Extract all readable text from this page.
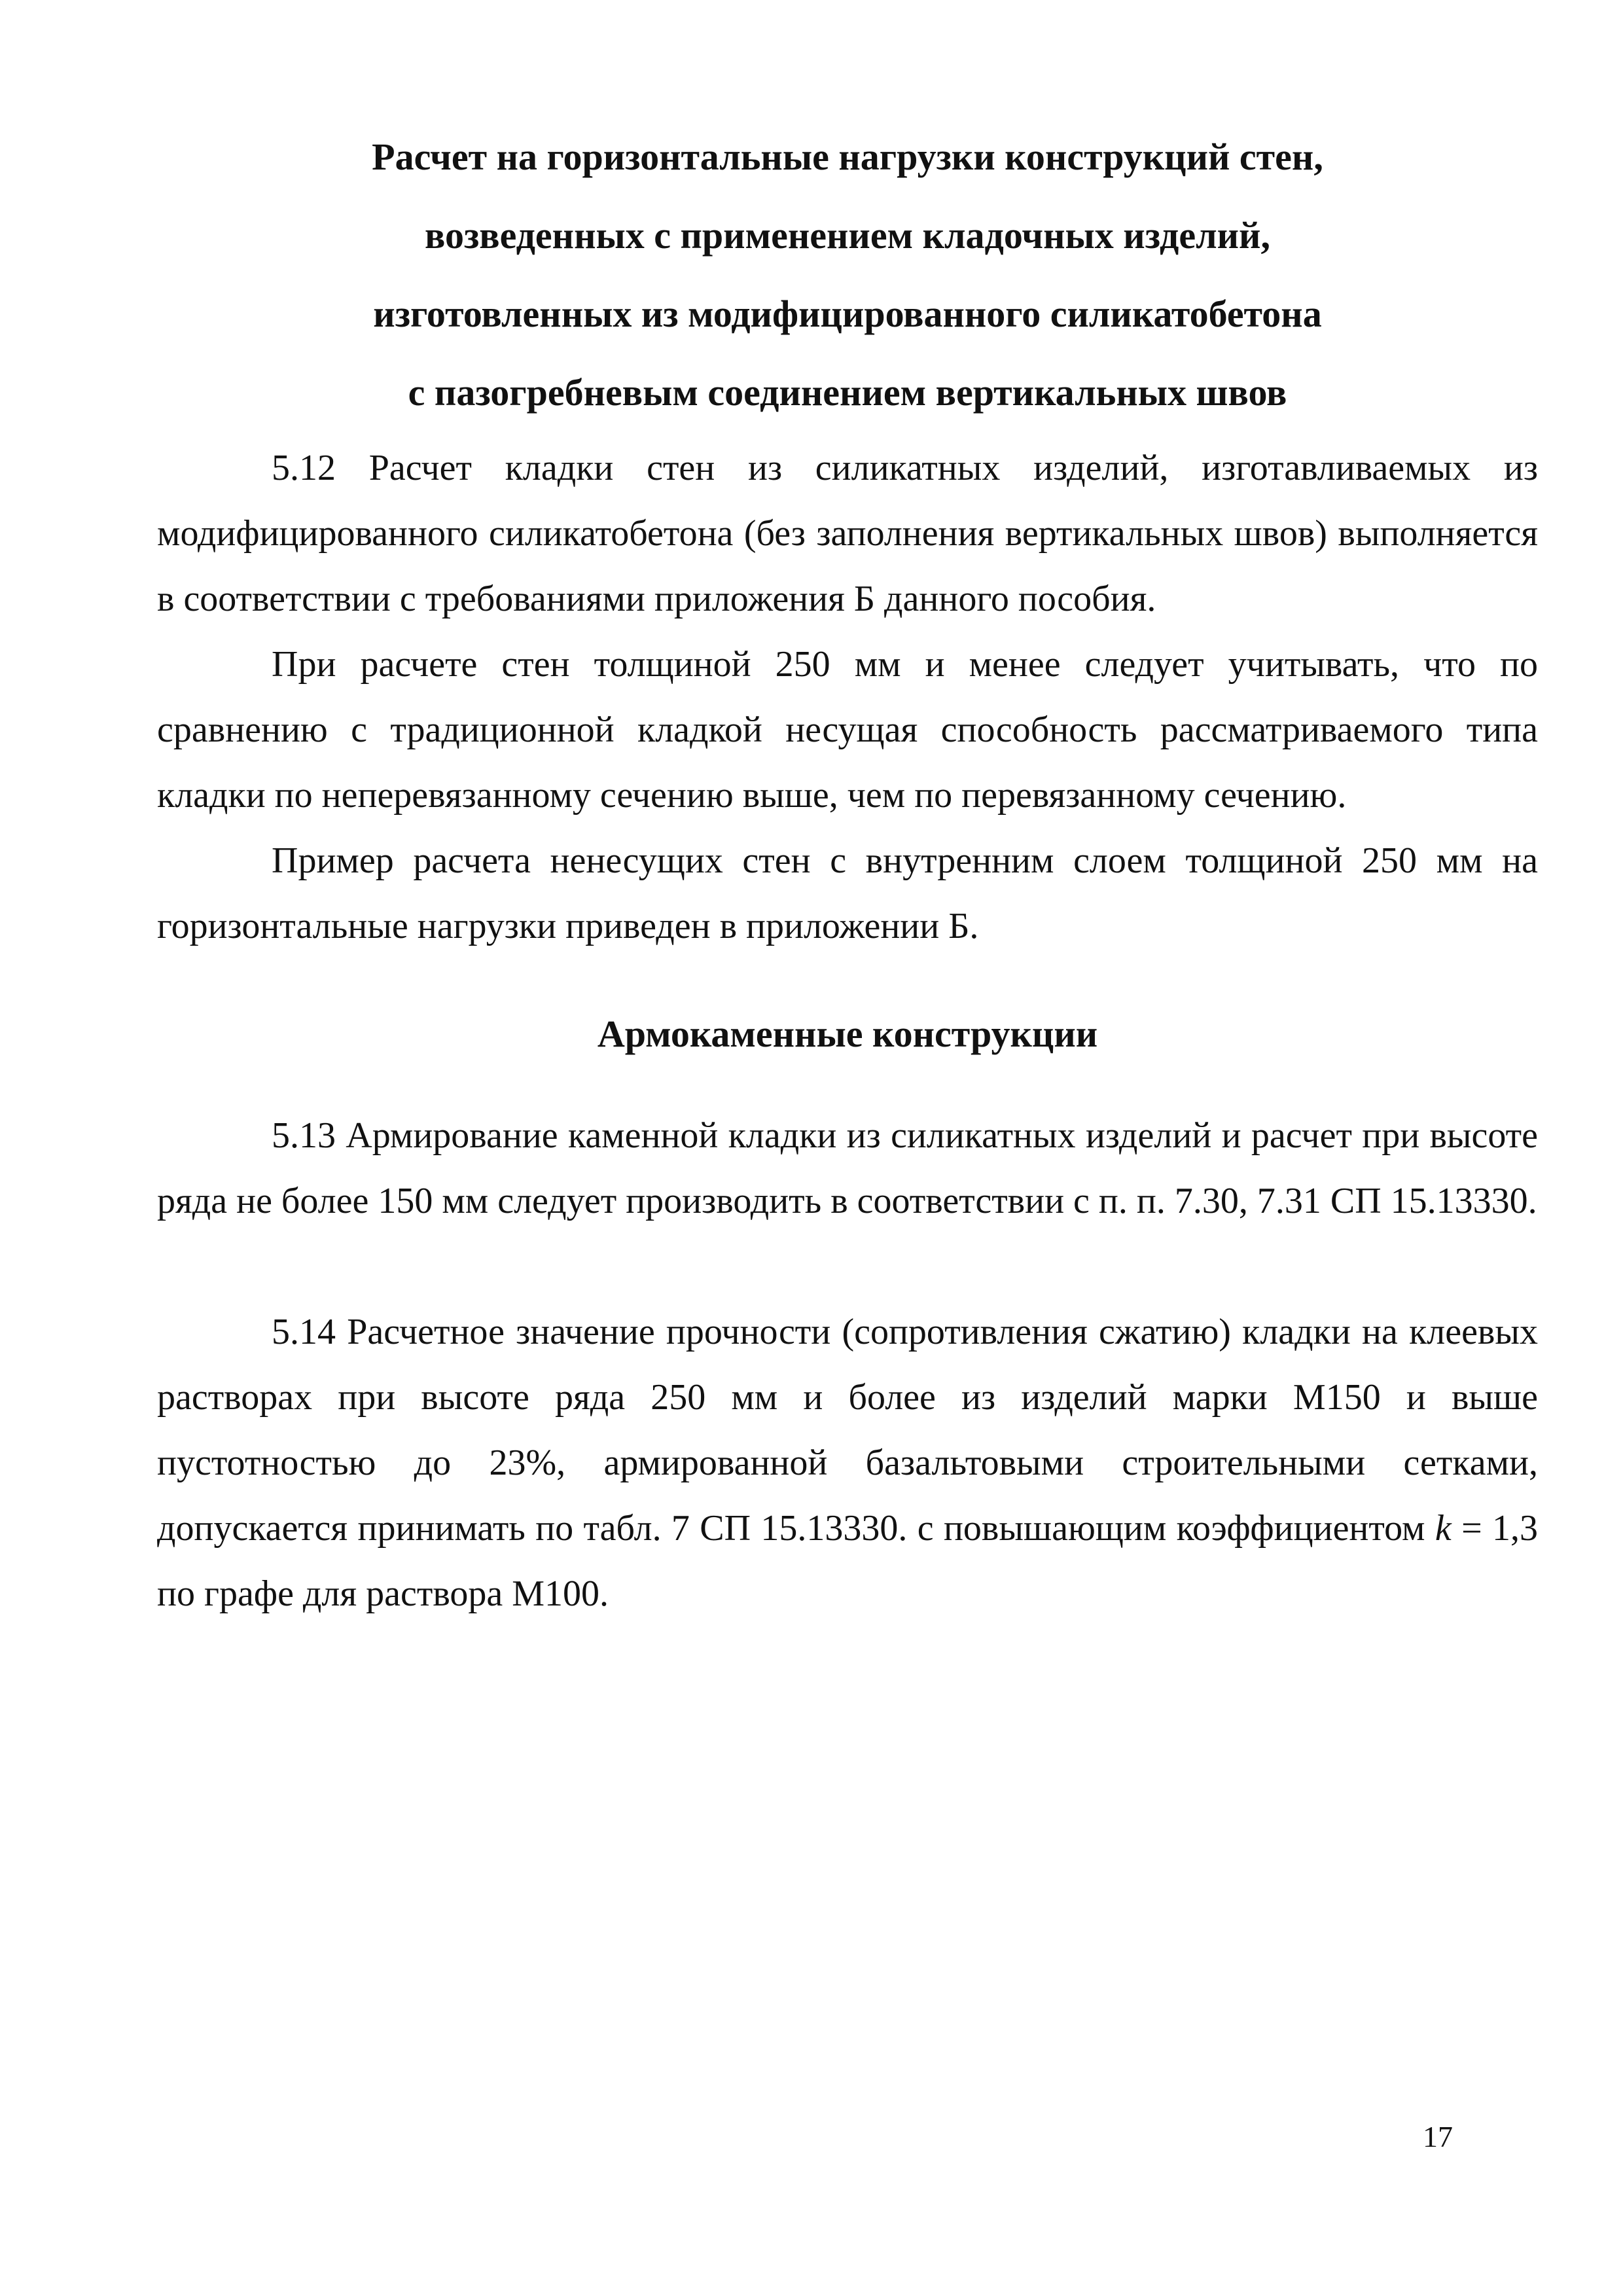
Расчет на горизонтальные нагрузки конструкций стен,
возведенных с применением кладочных изделий,
изготовленных из модифицированного силикатобетона
с пазогребневым соединением вертикальных швов

5.12 Расчет кладки стен из силикатных изделий, изготавливаемых из модифицированного силикатобетона (без заполнения вертикальных швов) выполняется в соответствии с требованиями приложения Б данного пособия.

При расчете стен толщиной 250 мм и менее следует учитывать, что по сравнению с традиционной кладкой несущая способность рассматриваемого типа кладки по неперевязанному сечению выше, чем по перевязанному сечению.

Пример расчета ненесущих стен с внутренним слоем толщиной 250 мм на горизонтальные нагрузки приведен в приложении Б.

Армокаменные конструкции

5.13 Армирование каменной кладки из силикатных изделий и расчет при высоте ряда не более 150 мм следует производить в соответствии с п. п. 7.30, 7.31 СП 15.13330.

5.14 Расчетное значение прочности (сопротивления сжатию) кладки на клеевых растворах при высоте ряда 250 мм и более из изделий марки М150 и выше пустотностью до 23%, армированной базальтовыми строительными сетками, допускается принимать по табл. 7 СП 15.13330. с повышающим коэффициентом k = 1,3 по графе для раствора М100.

17
